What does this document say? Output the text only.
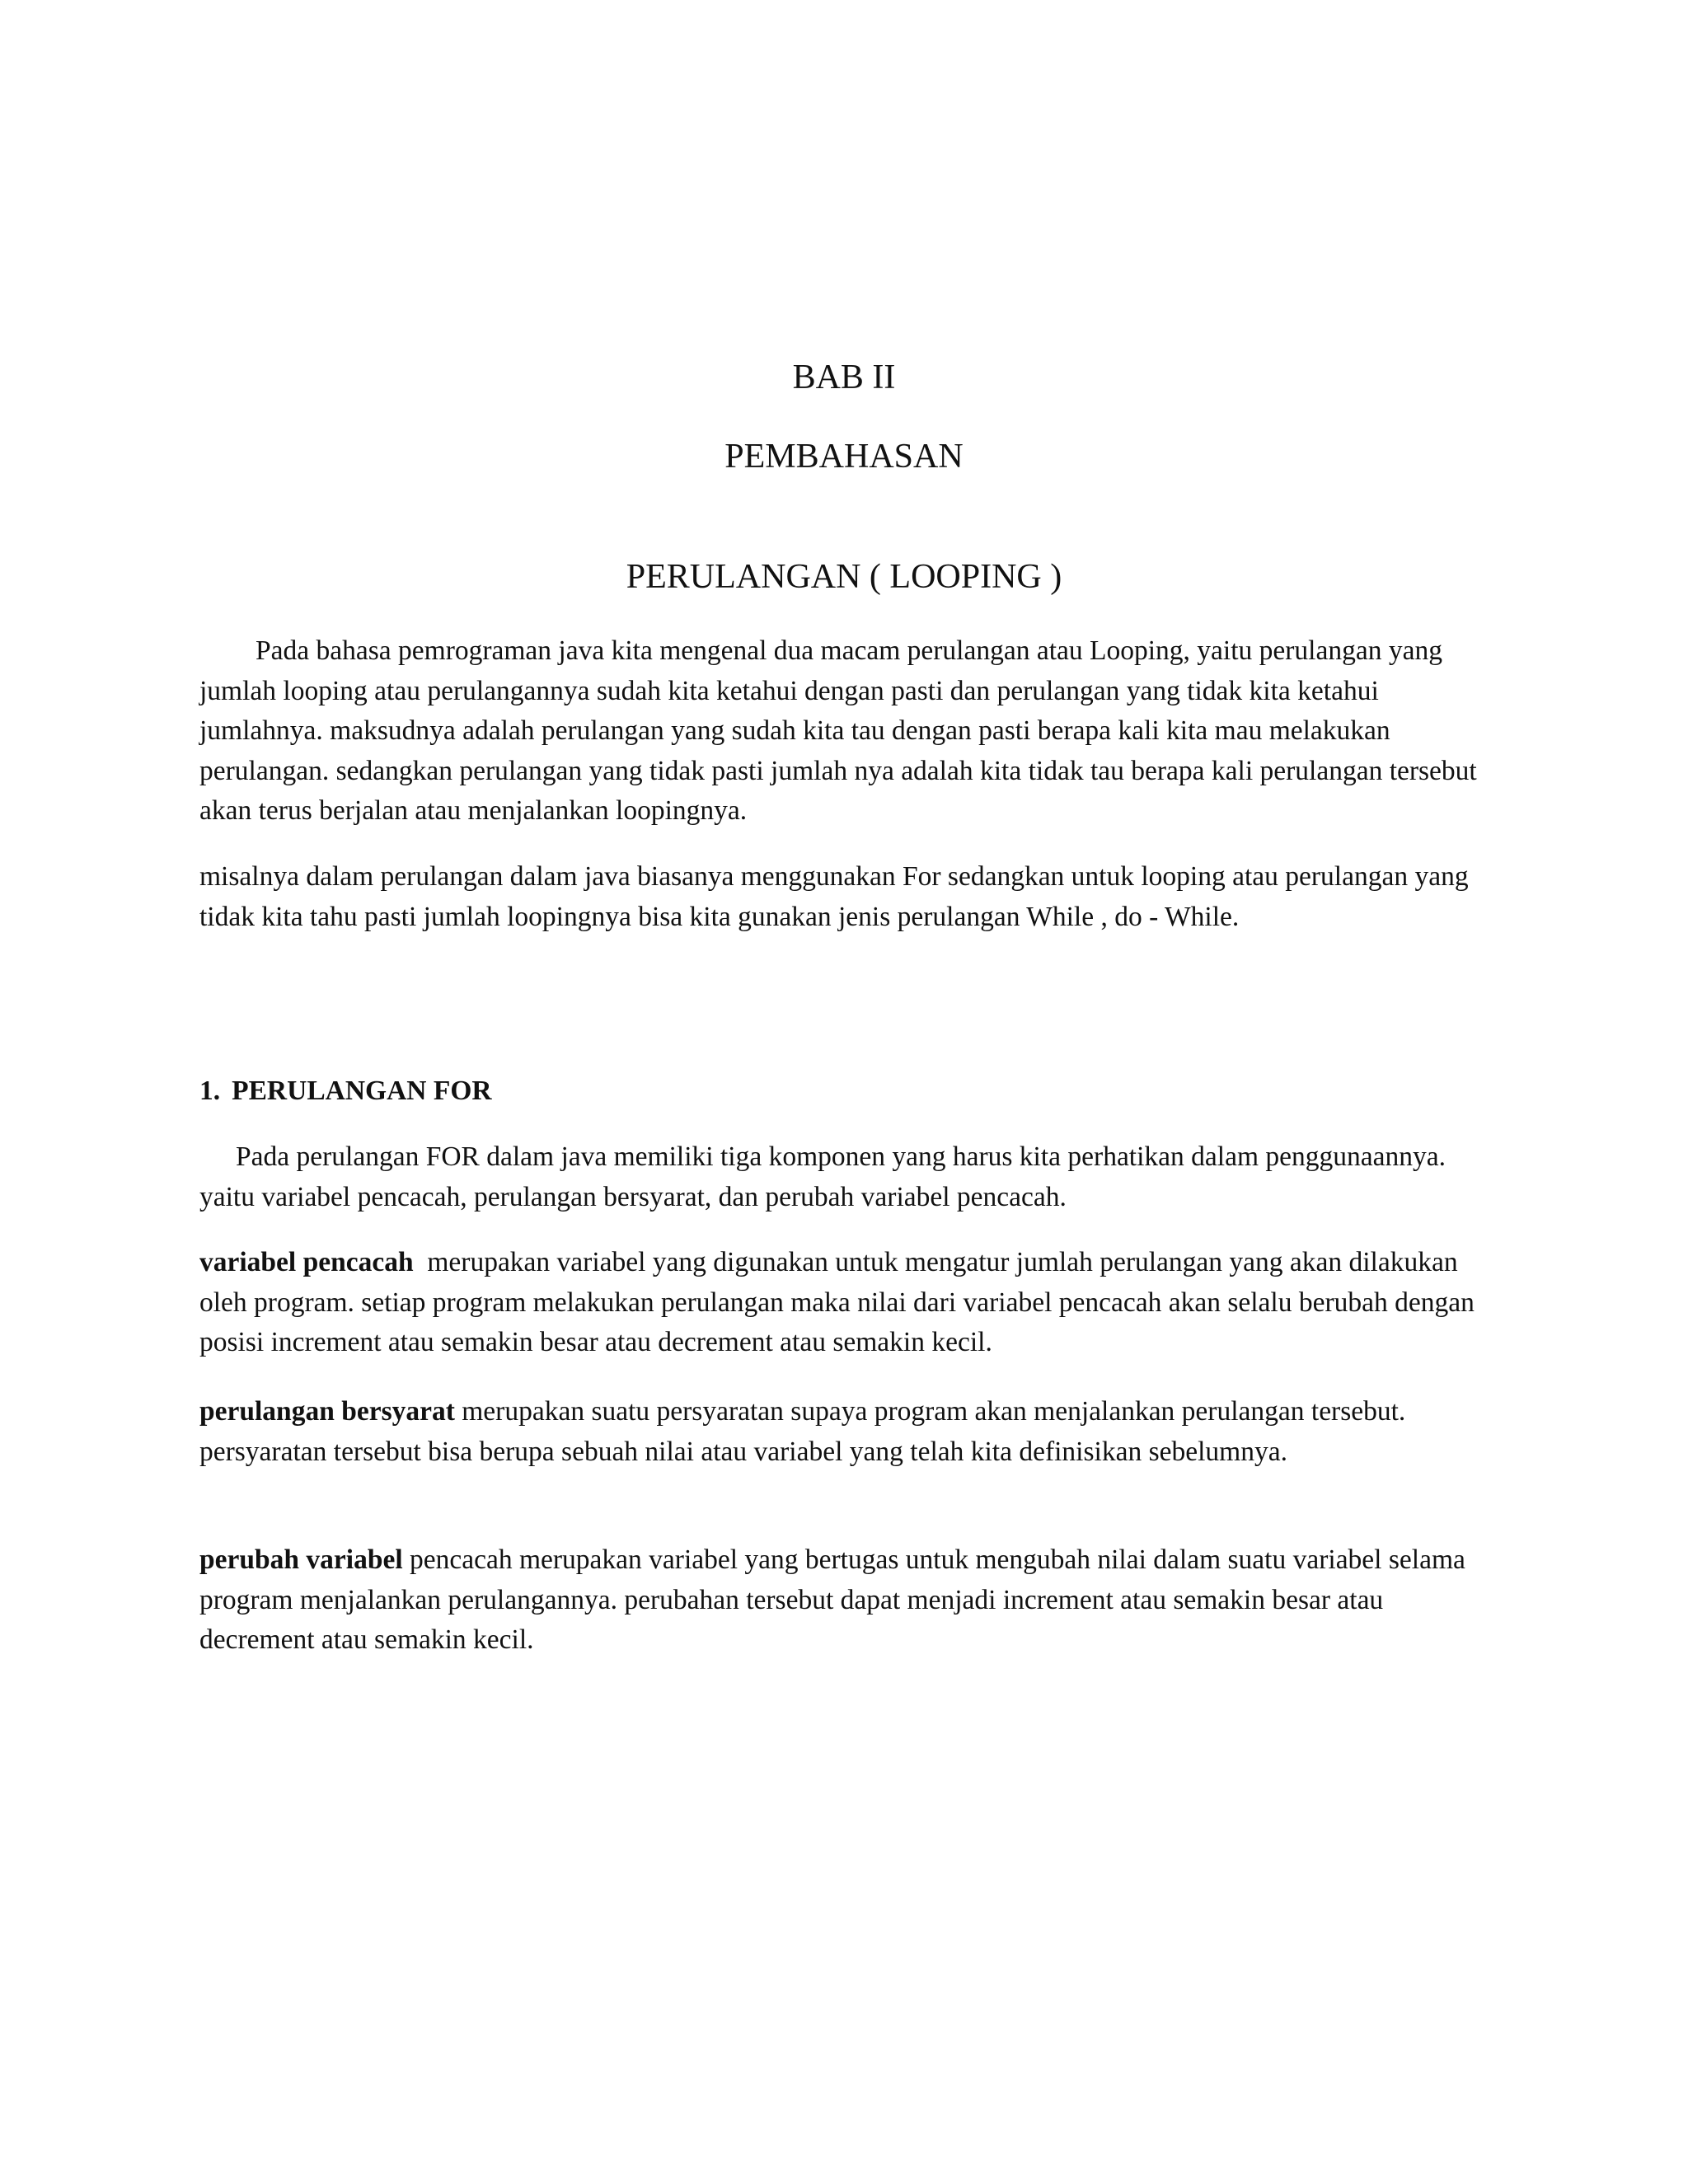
BAB II
PEMBAHASAN
PERULANGAN ( LOOPING )

Pada bahasa pemrograman java kita mengenal dua macam perulangan atau Looping, yaitu perulangan yang jumlah looping atau perulangannya sudah kita ketahui dengan pasti dan perulangan yang tidak kita ketahui jumlahnya. maksudnya adalah perulangan yang sudah kita tau dengan pasti berapa kali kita mau melakukan perulangan. sedangkan perulangan yang tidak pasti jumlah nya adalah kita tidak tau berapa kali perulangan tersebut akan terus berjalan atau menjalankan loopingnya.

misalnya dalam perulangan dalam java biasanya menggunakan For sedangkan untuk looping atau perulangan yang tidak kita tahu pasti jumlah loopingnya bisa kita gunakan jenis perulangan While , do - While.

1. PERULANGAN FOR

Pada perulangan FOR dalam java memiliki tiga komponen yang harus kita perhatikan dalam penggunaannya. yaitu variabel pencacah, perulangan bersyarat, dan perubah variabel pencacah.

variabel pencacah  merupakan variabel yang digunakan untuk mengatur jumlah perulangan yang akan dilakukan oleh program. setiap program melakukan perulangan maka nilai dari variabel pencacah akan selalu berubah dengan posisi increment atau semakin besar atau decrement atau semakin kecil.

perulangan bersyarat merupakan suatu persyaratan supaya program akan menjalankan perulangan tersebut. persyaratan tersebut bisa berupa sebuah nilai atau variabel yang telah kita definisikan sebelumnya.

perubah variabel pencacah merupakan variabel yang bertugas untuk mengubah nilai dalam suatu variabel selama program menjalankan perulangannya. perubahan tersebut dapat menjadi increment atau semakin besar atau decrement atau semakin kecil.
